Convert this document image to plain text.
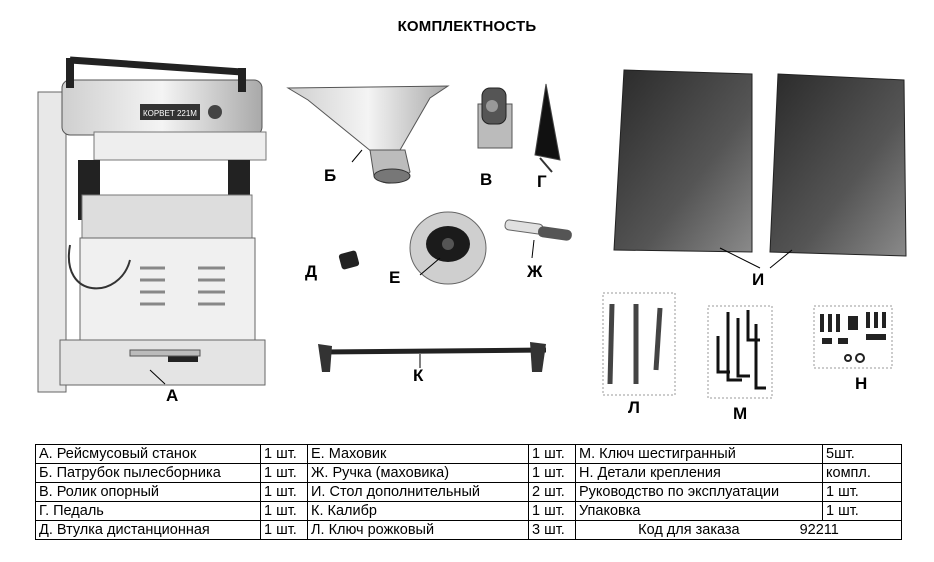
КОМПЛЕКТНОСТЬ
КОРВЕТ 221М
А
Б	В	Г
Д	Е	Ж	И
К
Л	М
Н
А. Рейсмусовый станок	1 шт.	Е. Маховик	1 шт.	М. Ключ шестигранный	5шт.
Б. Патрубок пылесборника	1 шт.	Ж. Ручка (маховика)	1 шт.	Н. Детали крепления	компл.
В. Ролик опорный	1 шт.	И. Стол дополнительный	2 шт.	Руководство по эксплуатации	1 шт.
Г. Педаль	1 шт.	К. Калибр	1 шт.	Упаковка	1 шт.
Д. Втулка дистанционная	1 шт.	Л. Ключ рожковый	3 шт.	Код для заказа 92211	
